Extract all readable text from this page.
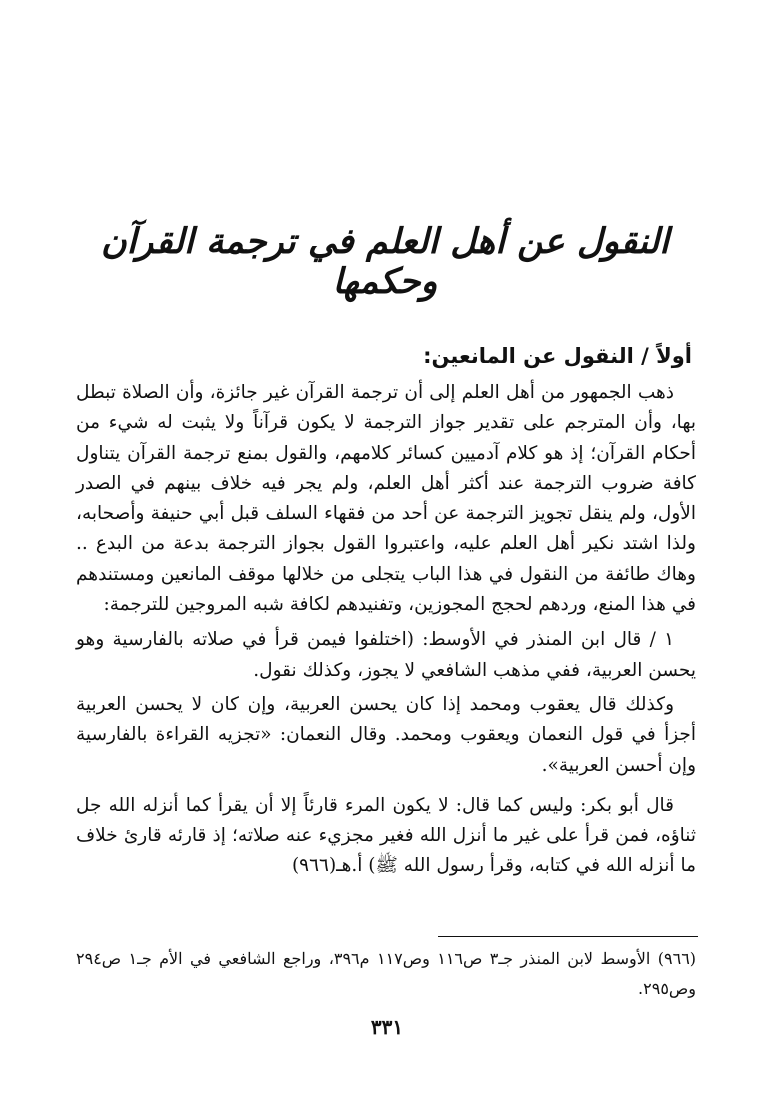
النقول عن أهل العلم في ترجمة القرآن وحكمها
أولاً / النقول عن المانعين:

ذهب الجمهور من أهل العلم إلى أن ترجمة القرآن غير جائزة، وأن الصلاة تبطل بها، وأن المترجم على تقدير جواز الترجمة لا يكون قرآناً ولا يثبت له شيء من أحكام القرآن؛ إذ هو كلام آدميين كسائر كلامهم، والقول بمنع ترجمة القرآن يتناول كافة ضروب الترجمة عند أكثر أهل العلم، ولم يجر فيه خلاف بينهم في الصدر الأول، ولم ينقل تجويز الترجمة عن أحد من فقهاء السلف قبل أبي حنيفة وأصحابه، ولذا اشتد نكير أهل العلم عليه، واعتبروا القول بجواز الترجمة بدعة من البدع .. وهاك طائفة من النقول في هذا الباب يتجلى من خلالها موقف المانعين ومستندهم في هذا المنع، وردهم لحجج المجوزين، وتفنيدهم لكافة شبه المروجين للترجمة:

١ / قال ابن المنذر في الأوسط: (اختلفوا فيمن قرأ في صلاته بالفارسية وهو يحسن العربية، ففي مذهب الشافعي لا يجوز، وكذلك نقول.

وكذلك قال يعقوب ومحمد إذا كان يحسن العربية، وإن كان لا يحسن العربية أجزأ في قول النعمان ويعقوب ومحمد. وقال النعمان: «تجزيه القراءة بالفارسية وإن أحسن العربية».

قال أبو بكر: وليس كما قال: لا يكون المرء قارئاً إلا أن يقرأ كما أنزله الله جل ثناؤه، فمن قرأ على غير ما أنزل الله فغير مجزيء عنه صلاته؛ إذ قارئه قارئ خلاف ما أنزله الله في كتابه، وقرأ رسول الله ﷺ) أ.هـ(٩٦٦)

(٩٦٦) الأوسط لابن المنذر جـ٣ ص١١٦ وص١١٧ م٣٩٦، وراجع الشافعي في الأم جـ١ ص٢٩٤ وص٢٩٥.
٣٣١
